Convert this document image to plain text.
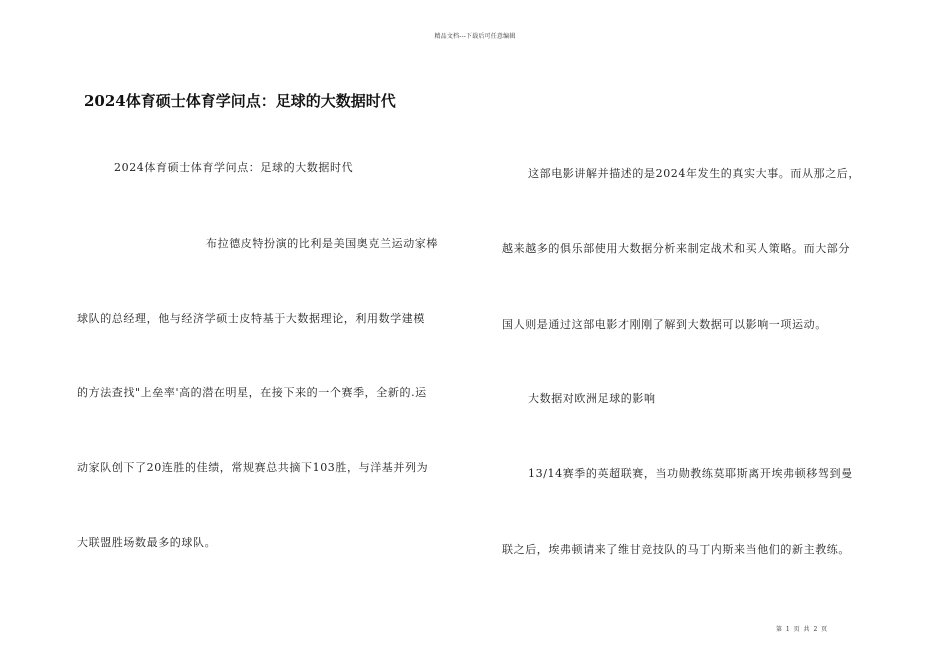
精品文档---下载后可任意编辑
2024体育硕士体育学问点：足球的大数据时代
2024体育硕士体育学问点：足球的大数据时代
布拉德皮特扮演的比利是美国奥克兰运动家棒
球队的总经理，他与经济学硕士皮特基于大数据理论，利用数学建模
的方法查找"上垒率'高的潜在明星，在接下来的一个赛季，全新的.运
动家队创下了20连胜的佳绩，常规赛总共摘下103胜，与洋基并列为
大联盟胜场数最多的球队。
这部电影讲解并描述的是2024年发生的真实大事。而从那之后，
越来越多的俱乐部使用大数据分析来制定战术和买人策略。而大部分
国人则是通过这部电影才刚刚了解到大数据可以影响一项运动。
大数据对欧洲足球的影响
13/14赛季的英超联赛，当功勋教练莫耶斯离开埃弗顿移驾到曼
联之后，埃弗顿请来了维甘竞技队的马丁内斯来当他们的新主教练。
第 1 页 共 2 页
